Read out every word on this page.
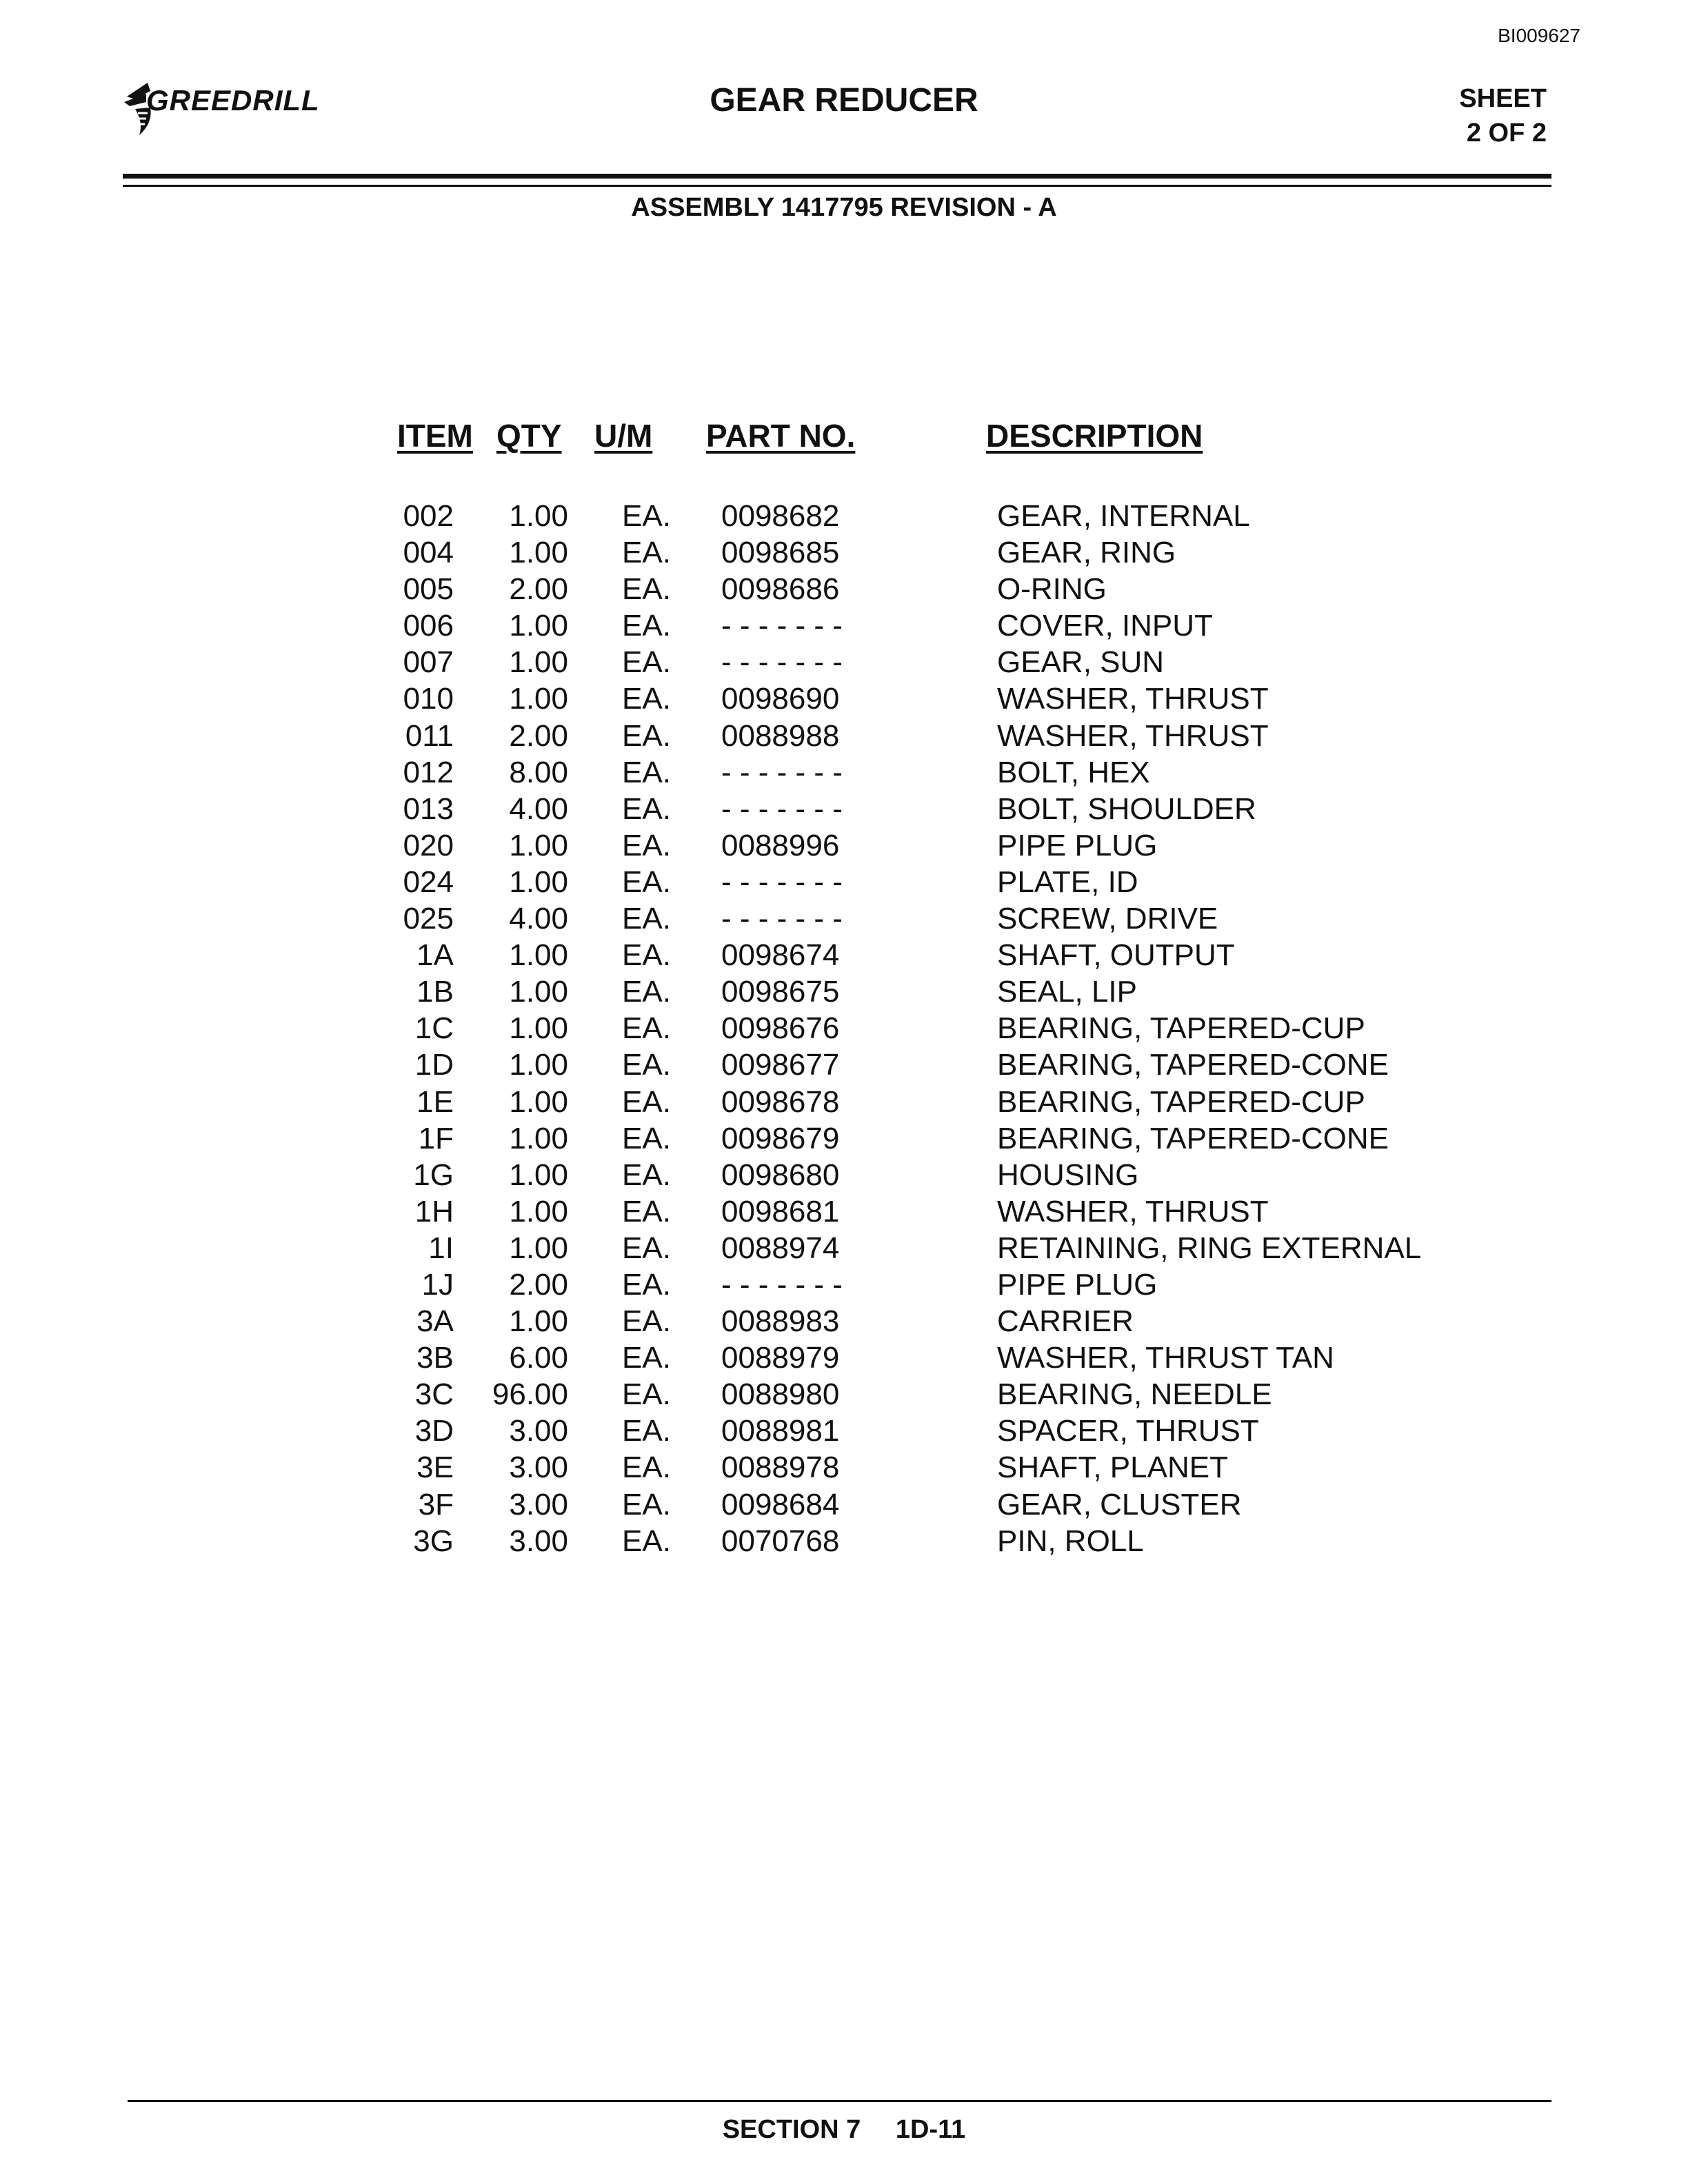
BI009627
GREEDRILL	GEAR REDUCER	SHEET
2 OF 2
ASSEMBLY 1417795 REVISION - A
ITEM QTY U/M PART NO.	DESCRIPTION
002 1.00 EA. 0098682	GEAR, INTERNAL
004 1.00 EA. 0098685	GEAR, RING
005 2.00 EA. 0098686	O-RING
006 1.00 EA. - - - - - - -	COVER, INPUT
007 1.00 EA. - - - - - - -	GEAR, SUN
010 1.00 EA. 0098690	WASHER, THRUST
011 2.00 EA. 0088988	WASHER, THRUST
012 8.00 EA. - - - - - - -	BOLT, HEX
013 4.00 EA. - - - - - - -	BOLT, SHOULDER
020 1.00 EA. 0088996	PIPE PLUG
024 1.00 EA. - - - - - - -	PLATE, ID
025 4.00 EA. - - - - - - -	SCREW, DRIVE
1A 1.00 EA. 0098674	SHAFT, OUTPUT
1B 1.00 EA. 0098675	SEAL, LIP
1C 1.00 EA. 0098676	BEARING, TAPERED-CUP
1D 1.00 EA. 0098677	BEARING, TAPERED-CONE
1E 1.00 EA. 0098678	BEARING, TAPERED-CUP
1F 1.00 EA. 0098679	BEARING, TAPERED-CONE
1G 1.00 EA. 0098680	HOUSING
1H 1.00 EA. 0098681	WASHER, THRUST
1I 1.00 EA. 0088974	RETAINING, RING EXTERNAL
1J 2.00 EA. - - - - - - -	PIPE PLUG
3A 1.00 EA. 0088983	CARRIER
3B 6.00 EA. 0088979	WASHER, THRUST TAN
3C 96.00 EA. 0088980	BEARING, NEEDLE
3D 3.00 EA. 0088981	SPACER, THRUST
3E 3.00 EA. 0088978	SHAFT, PLANET
3F 3.00 EA. 0098684	GEAR, CLUSTER
3G 3.00 EA. 0070768	PIN, ROLL
SECTION 7 1D-11
